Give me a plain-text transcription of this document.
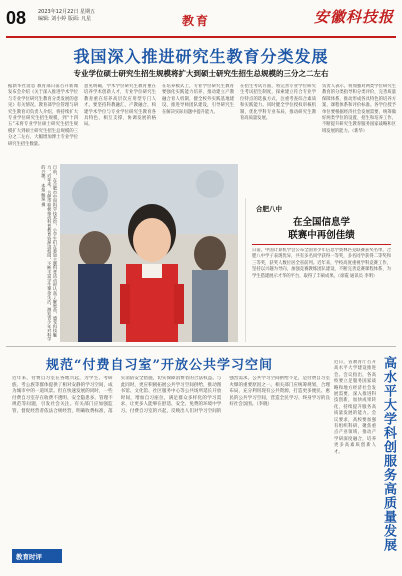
08 2023年12月22日 星期五
编辑: 刘小婷 版面: 凡星	教育	安徽科技报
我国深入推进研究生教育分类发展
专业学位硕士研究生招生规模将扩大到硕士研究生招生总规模的三分之二左右
据新华社消息 教育部日前召开新闻发布会介绍《关于深入推进学术学位与专业学位研究生教育分类发展的意见》有关情况。教育部学位管理与研究生教育司负责人介绍，将持续扩大专业学位研究生招生规模，到“十四五”末将专业学位硕士研究生招生规模扩大到硕士研究生招生总规模的三分之二左右，大幅增加博士专业学位研究生招生数量。
意见明确，学术学位研究生教育重在培养学术创新人才，专业学位研究生教育重在培养高层次应用型专门人才。要坚持科教融汇、产教融合，构建学术学位与专业学位研究生教育各具特色、相互支撑、协调发展的格局。
在培养模式上，专业学位研究生教育要强化实践能力培养，推动建立产教融合育人机制，健全校外实践基地建设，推进导师团队建设，引导研究生在解决实际问题中提升能力。
在招生考试方面，将完善专业学位研究生考试招生制度，探索建立符合专业学位特点的选拔方式，注重考查综合素质和实践能力。同时健全学位授权审核机制，优化学科专业布局，推动研究生教育高质量发展。
负责人表示，将加强对两类学位研究生教育的分类指导和分类评价，完善质量保障体系，推动形成各具特色的培养方案、课程体系和评价标准。各学位授予单位要根据经济社会发展需要，统筹做好两类学位的设置、招生和培养工作，不断提升研究生教育服务国家战略和区域发展的能力。（新华）
日前，在合肥市中国科学技术馆，小学生们在参加主题科普活动时认真了解展品，感受科技魅力。近年来，合肥市积极推动科普教育资源进校园，不断丰富学生课余生活，激发青少年对科学的兴趣。 本报 解琛 摄
合肥八中
在全国信息学
联赛中再创佳绩
日前，中国计算机学会公布全国青少年信息学奥林匹克联赛获奖名单，合肥八中学子表现优异，共有多名同学获得一等奖，多名同学获得二等奖和三等奖，获奖人数位居全省前列。近年来，学校高度重视学科竞赛工作，坚持以兴趣为导向，加强竞赛教练团队建设，不断完善竞赛课程体系，为学生搭建展示才华的平台，取得了丰硕成果。（徐霞 通讯员 李明）
规范“付费自习室”开放公共学习空间
近年来，付费自习室在各地兴起，为学生、考研族、考公族等群体提供了相对安静的学习空间，成为城市中的一道风景。但在快速发展的同时，一些付费自习室存在收费不透明、安全隐患多、管理不规范等问题，引发社会关注。有关部门应加强监管，督促经营者依法合规经营，明确收费标准，落实消防安全措施，切实保障消费者的合法权益。与此同时，更应积极拓展公共学习空间供给，推动图书馆、文化馆、社区服务中心等公共场所延长开放时间，增加自习座位，满足群众多样化的学习需求，让更多人能够在舒适、安全、免费的环境中学习。付费自习室的兴起，反映出人们对学习空间的强烈需求。公共学习空间供给不足，是付费自习室火爆的重要原因之一。相关部门应统筹规划，合理布局，充分利用现有公共资源，打造更多便民、惠民的公共学习空间，营造全民学习、终身学习的良好社会氛围。（李晓）
教育时评
近日，省教育厅召开高水平大学建设推进会。会议指出，各高校要立足服务国家战略和地方经济社会发展需要，深入推进科技创新，加快成果转化，持续提升服务高质量发展的能力。会议要求，高校要加强有组织科研，聚焦重点产业领域，推动产学研深度融合，培养更多高素质创新人才。	高水平大学科创服务高质量发展
